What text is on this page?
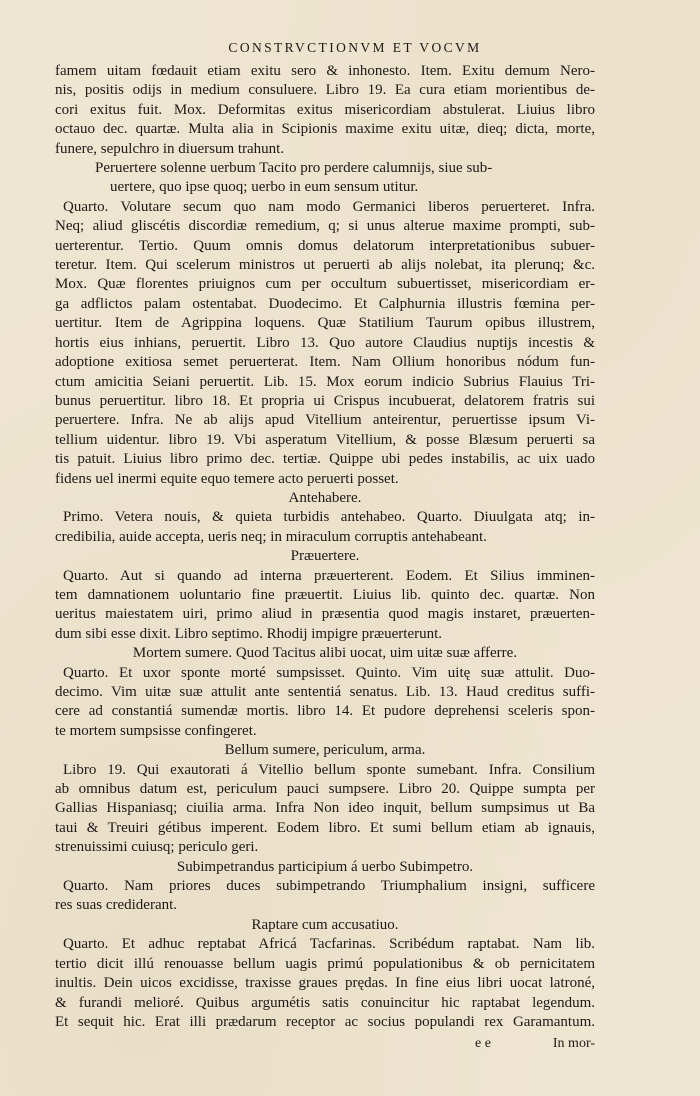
CONSTRVCTIONVM ET VOCVM
famem uitam fœdauit etiam exitu sero & inhonesto. Item. Exitu demum Nero-
nis, positis odijs in medium consuluere. Libro 19. Ea cura etiam morientibus de-
cori exitus fuit. Mox. Deformitas exitus misericordiam abstulerat. Liuius libro
octauo dec. quartæ. Multa alia in Scipionis maxime exitu uitæ, dieq; dicta, morte,
funere, sepulchro in diuersum trahunt.
Peruertere solenne uerbum Tacito pro perdere calumnijs, siue sub-
uertere, quo ipse quoq; uerbo in eum sensum utitur.
Quarto. Volutare secum quo nam modo Germanici liberos peruerteret. Infra.
Neq; aliud gliscétis discordiæ remedium, q; si unus alterue maxime prompti, sub-
uerterentur. Tertio. Quum omnis domus delatorum interpretationibus subuer-
teretur. Item. Qui scelerum ministros ut peruerti ab alijs nolebat, ita plerunq; &c.
Mox. Quæ florentes priuignos cum per occultum subuertisset, misericordiam er-
ga adflictos palam ostentabat. Duodecimo. Et Calphurnia illustris fœmina per-
uertitur. Item de Agrippina loquens. Quæ Statilium Taurum opibus illustrem,
hortis eius inhians, peruertit. Libro 13. Quo autore Claudius nuptijs incestis &
adoptione exitiosa semet peruerterat. Item. Nam Ollium honoribus nódum fun-
ctum amicitia Seiani peruertit. Lib. 15. Mox eorum indicio Subrius Flauius Tri-
bunus peruertitur. libro 18. Et propria ui Crispus incubuerat, delatorem fratris sui
peruertere. Infra. Ne ab alijs apud Vitellium anteirentur, peruertisse ipsum Vi-
tellium uidentur. libro 19. Vbi asperatum Vitellium, & posse Blæsum peruerti sa
tis patuit. Liuius libro primo dec. tertiæ. Quippe ubi pedes instabilis, ac uix uado
fidens uel inermi equite equo temere acto peruerti posset.
Antehabere.
Primo. Vetera nouis, & quieta turbidis antehabeo. Quarto. Diuulgata atq; in-
credibilia, auide accepta, ueris neq; in miraculum corruptis antehabeant.
Præuertere.
Quarto. Aut si quando ad interna præuerterent. Eodem. Et Silius imminen-
tem damnationem uoluntario fine præuertit. Liuius lib. quinto dec. quartæ. Non
ueritus maiestatem uiri, primo aliud in præsentia quod magis instaret, præuerten-
dum sibi esse dixit. Libro septimo. Rhodij impigre præuerterunt.
Mortem sumere. Quod Tacitus alibi uocat, uim uitæ suæ afferre.
Quarto. Et uxor sponte morté sumpsisset. Quinto. Vim uitę suæ attulit. Duo-
decimo. Vim uitæ suæ attulit ante sententiá senatus. Lib. 13. Haud creditus suffi-
cere ad constantiá sumendæ mortis. libro 14. Et pudore deprehensi sceleris spon-
te mortem sumpsisse confingeret.
Bellum sumere, periculum, arma.
Libro 19. Qui exautorati á Vitellio bellum sponte sumebant. Infra. Consilium
ab omnibus datum est, periculum pauci sumpsere. Libro 20. Quippe sumpta per
Gallias Hispaniasq; ciuilia arma. Infra Non ideo inquit, bellum sumpsimus ut Ba
taui & Treuiri gétibus imperent. Eodem libro. Et sumi bellum etiam ab ignauis,
strenuissimi cuiusq; periculo geri.
Subimpetrandus participium á uerbo Subimpetro.
Quarto. Nam priores duces subimpetrando Triumphalium insigni, sufficere
res suas crediderant.
Raptare cum accusatiuo.
Quarto. Et adhuc reptabat Africá Tacfarinas. Scribédum raptabat. Nam lib.
tertio dicit illú renouasse bellum uagis primú populationibus & ob pernicitatem
inultis. Dein uicos excidisse, traxisse graues prędas. In fine eius libri uocat latroné,
& furandi melioré. Quibus argumétis satis conuincitur hic raptabat legendum.
Et sequit hic. Erat illi prædarum receptor ac socius populandi rex Garamantum.
e e	In mor-
